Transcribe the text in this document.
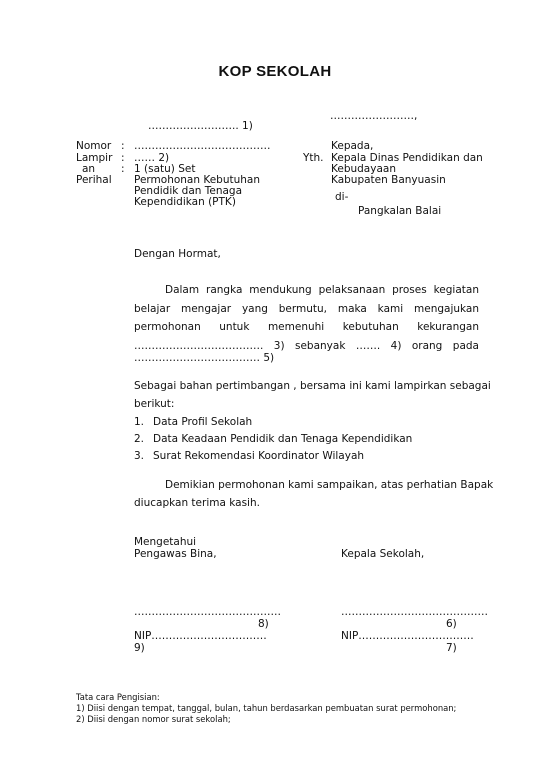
KOP SEKOLAH
……………………,
…………………….. 1)
Nomor : …………………………………
Lampir
an
: …… 2)
: 1 (satu) Set
Perihal Permohonan Kebutuhan
Pendidik dan Tenaga
Kependidikan (PTK)
Kepada,
Yth. Kepala Dinas Pendidikan dan
Kebudayaan
Kabupaten Banyuasin
di-
Pangkalan Balai
Dengan Hormat,
Dalam rangka mendukung pelaksanaan proses kegiatan
belajar mengajar yang bermutu, maka kami mengajukan
permohonan untuk memenuhi kebutuhan kekurangan
………………………………. 3) sebanyak ……. 4) orang pada
……………………………… 5)
Sebagai bahan pertimbangan , bersama ini kami lampirkan sebagai
berikut:
1. Data Profil Sekolah
2. Data Keadaan Pendidik dan Tenaga Kependidikan
3. Surat Rekomendasi Koordinator Wilayah
Demikian permohonan kami sampaikan, atas perhatian Bapak
diucapkan terima kasih.
Mengetahui
Pengawas Bina,
……………………………………
8)
NIP……………………………
9)
Kepala Sekolah,
……………………………………
6)
NIP……………………………
7)
Tata cara Pengisian:
1) Diisi dengan tempat, tanggal, bulan, tahun berdasarkan pembuatan surat permohonan;
2) Diisi dengan nomor surat sekolah;
